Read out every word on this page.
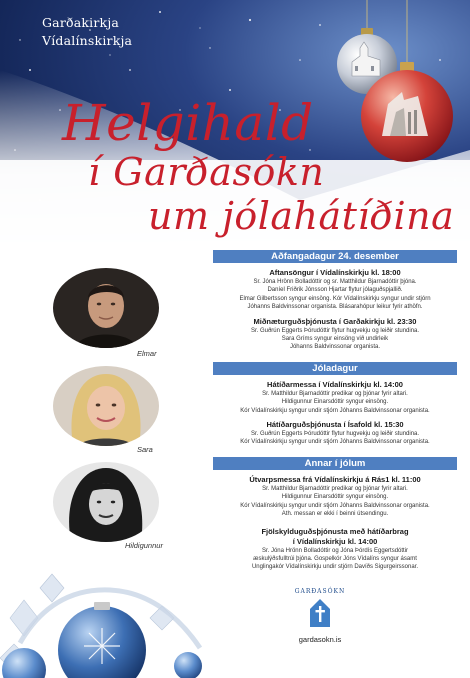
Garðakirkja
Vídalínskirkja
Helgihald
í Garðasókn
um jólahátíðina
Elmar
Sara
Hildigunnur
Aðfangadagur 24. desember
Aftansöngur í Vídalínskirkju kl. 18:00
Sr. Jóna Hrönn Bolladóttir og sr. Matthildur Bjarnadóttir þjóna.
Daníel Friðrik Jónsson Hjartar flytur jólaguðspjallið.
Elmar Gilbertsson syngur einsöng. Kór Vídalínskirkju syngur undir stjórn
Jóhanns Baldvinssonar organista. Blásarahópur leikur fyrir athöfn.
Miðnæturguðsþjónusta í Garðakirkju kl. 23:30
Sr. Guðrún Eggerts Þórudóttir flytur hugvekju og leiðir stundina.
Sara Gríms syngur einsöng við undirleik
Jóhanns Baldvinssonar organista.
Jóladagur
Hátíðarmessa í Vídalínskirkju kl. 14:00
Sr. Matthildur Bjarnadóttir predikar og þjónar fyrir altari.
Hildigunnur Einarsdóttir syngur einsöng.
Kór Vídalínskirkju syngur undir stjórn Jóhanns Baldvinssonar organista.
Hátíðarguðsþjónusta í Ísafold kl. 15:30
Sr. Guðrún Eggerts Þórudóttir flytur hugvekju og leiðir stundina.
Kór Vídalínskirkju syngur undir stjórn Jóhanns Baldvinssonar organista.
Annar í jólum
Útvarpsmessa frá Vídalínskirkju á Rás1 kl. 11:00
Sr. Matthildur Bjarnadóttir predikar og þjónar fyrir altari.
Hildigunnur Einarsdóttir syngur einsöng.
Kór Vídalínskirkju syngur undir stjórn Jóhanns Baldvinssonar organista.
Ath. messan er ekki í beinni útsendingu.
Fjölskylduguðsþjónusta með hátíðarbrag
í Vídalínskirkju kl. 14:00
Sr. Jóna Hrönn Bolladóttir og Jóna Þórdís Eggertsdóttir
æskulýðsfulltrúi þjóna. Gospelkór Jóns Vídalíns syngur ásamt
Unglingakór Vídalínskirkju undir stjórn Davíðs Sigurgeirssonar.
GARÐASÓKN
gardasokn.is
